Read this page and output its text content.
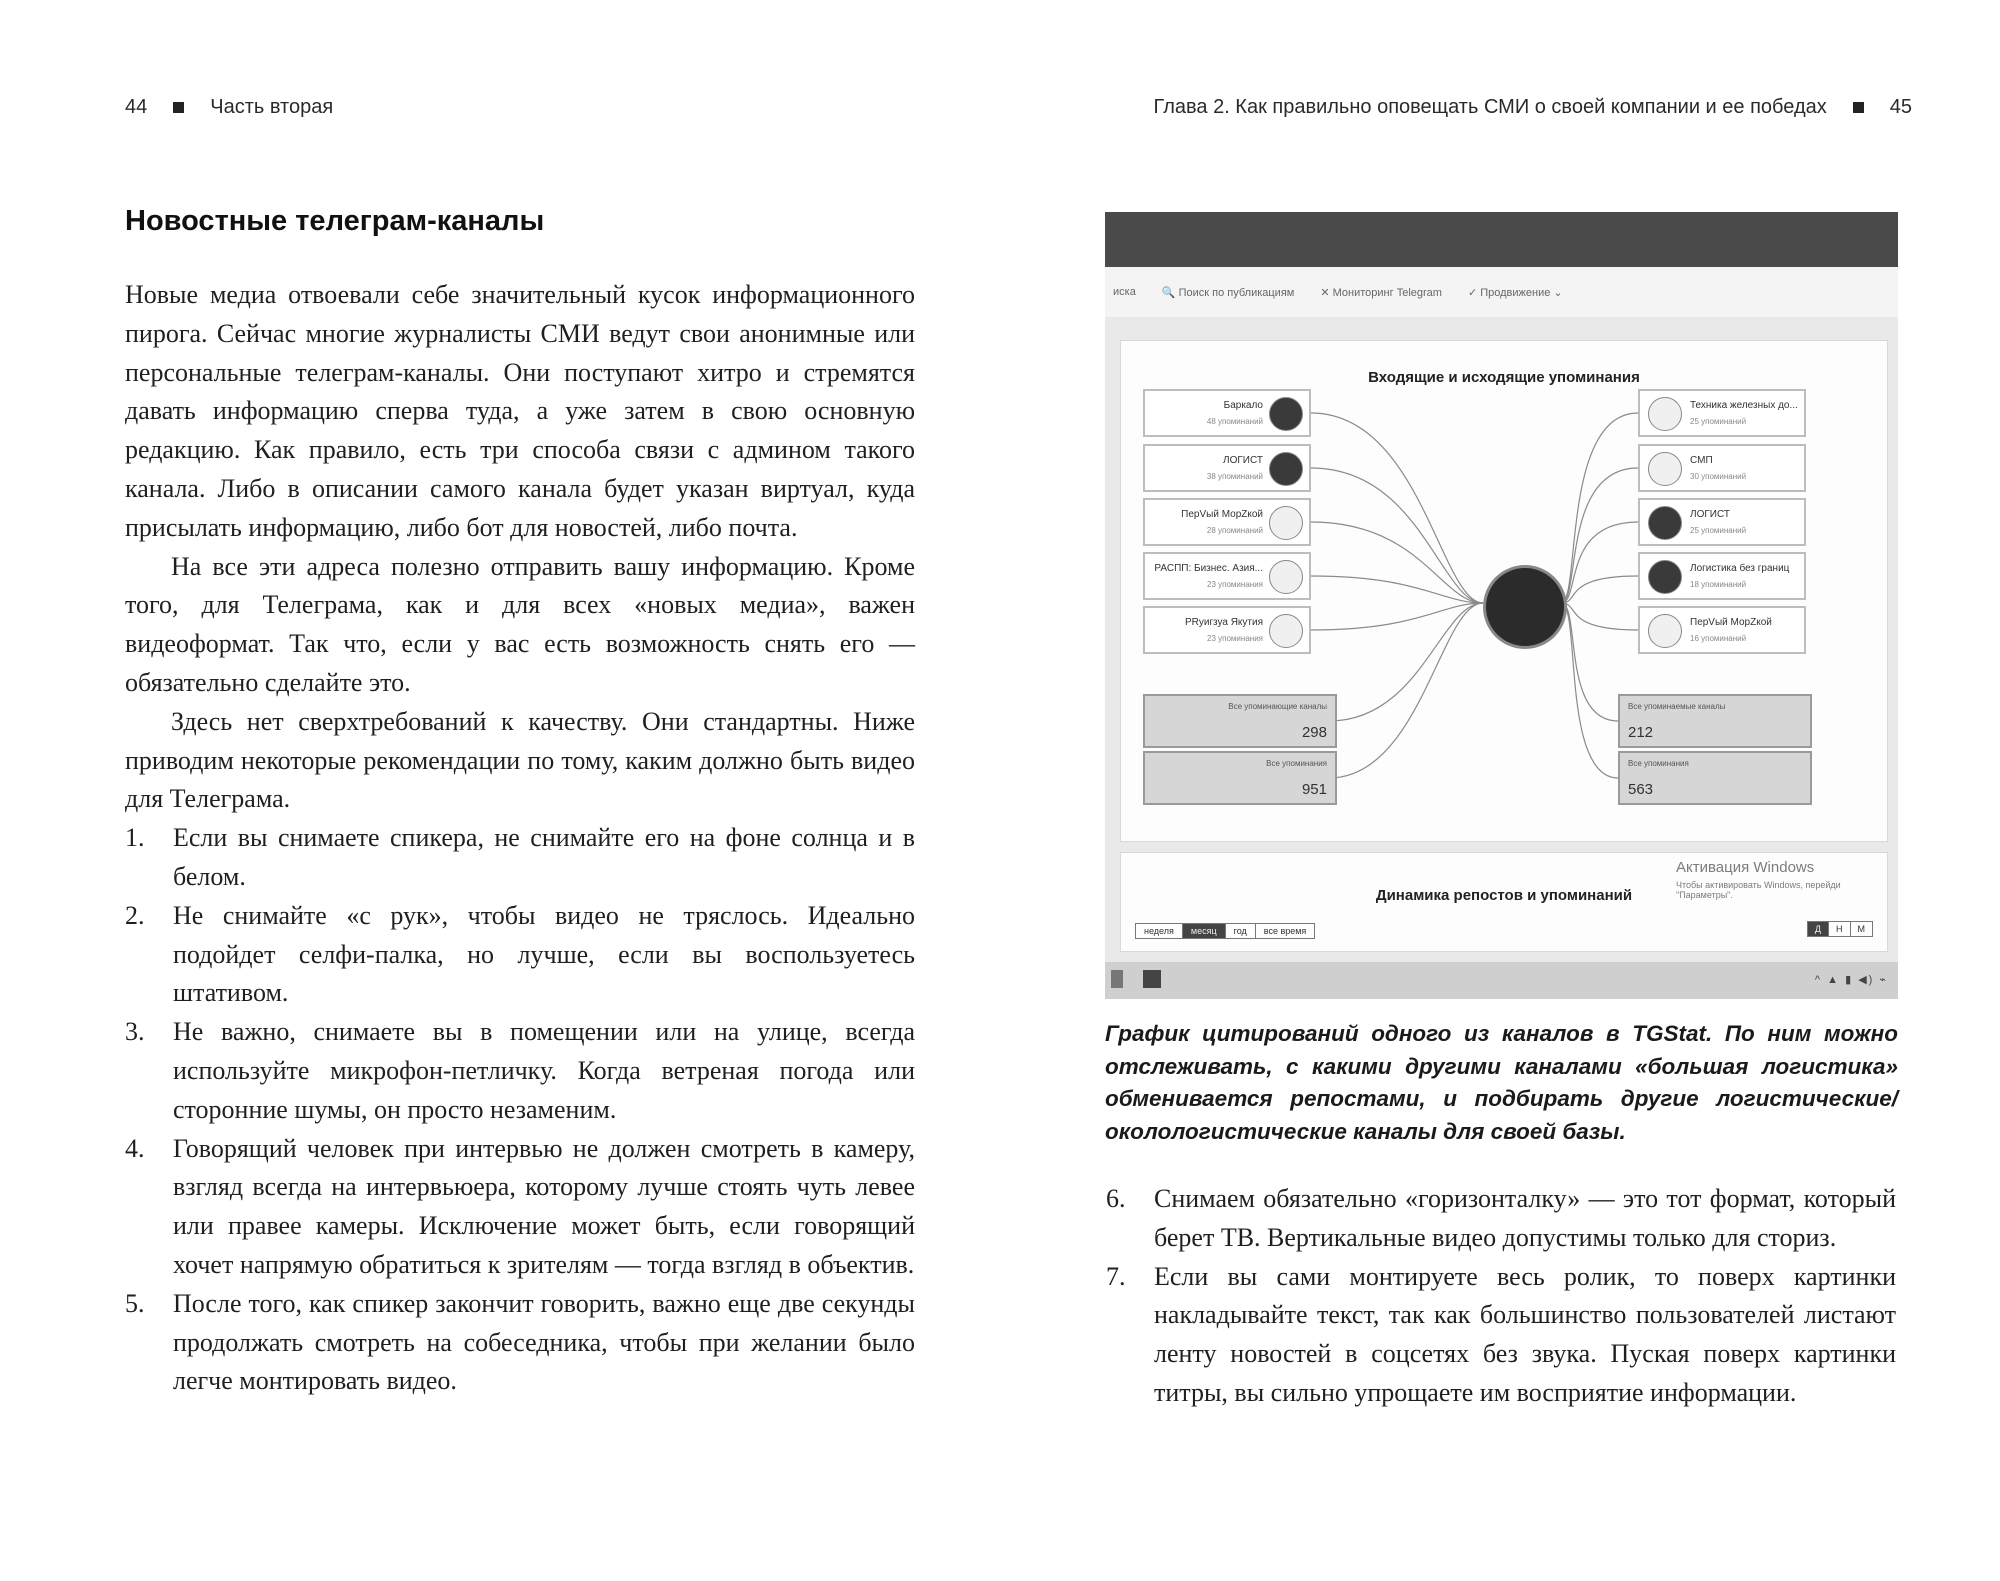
44	Часть вторая	Глава 2. Как правильно оповещать СМИ о своей компании и ее победах	45
Новостные телеграм-каналы

Новые медиа отвоевали себе значительный кусок информационного пирога. Сейчас многие журналисты СМИ ведут свои анонимные или персональные телеграм-каналы. Они поступают хитро и стремятся давать информацию сперва туда, а уже затем в свою основную редакцию. Как правило, есть три способа связи с админом такого канала. Либо в описании самого канала будет указан виртуал, куда присылать информацию, либо бот для новостей, либо почта.

На все эти адреса полезно отправить вашу информацию. Кроме того, для Телеграма, как и для всех «новых медиа», важен видеоформат. Так что, если у вас есть возможность снять его — обязательно сделайте это.

Здесь нет сверхтребований к качеству. Они стандартны. Ниже приводим некоторые рекомендации по тому, каким должно быть видео для Телеграма.

1. Если вы снимаете спикера, не снимайте его на фоне солнца и в белом.
2. Не снимайте «с рук», чтобы видео не тряслось. Идеально подойдет селфи-палка, но лучше, если вы воспользуетесь штативом.
3. Не важно, снимаете вы в помещении или на улице, всегда используйте микрофон-петличку. Когда ветреная погода или сторонние шумы, он просто незаменим.
4. Говорящий человек при интервью не должен смотреть в камеру, взгляд всегда на интервьюера, которому лучше стоять чуть левее или правее камеры. Исключение может быть, если говорящий хочет напрямую обратиться к зрителям — тогда взгляд в объектив.
5. После того, как спикер закончит говорить, важно еще две секунды продолжать смотреть на собеседника, чтобы при желании было легче монтировать видео.
иска 🔍 Поиск по публикациям ✕ Мониторинг Telegram ✓ Продвижение ⌄
Входящие и исходящие упоминания
Баркало
48 упоминаний
ЛОГИСТ
38 упоминаний
ПерVый МорZкой
28 упоминаний
РАСПП: Бизнес. Азия...
23 упоминания
PRуигзуа Якутия
23 упоминания
Все упоминающие каналы
298
Все упоминания
951
Техника железных до...
25 упоминаний
СМП
30 упоминаний
ЛОГИСТ
25 упоминаний
Логистика без границ
18 упоминаний
ПерVый МорZкой
16 упоминаний
Все упоминаемые каналы
212
Все упоминания
563
Динамика репостов и упоминаний
Активация Windows
Чтобы активировать Windows, перейди
"Параметры".
неделя	месяц	год	все время	Д	Н	М
^ ▲ ▮ ◀) ⌁

График цитирований одного из каналов в TGStat. По ним можно отслеживать, с какими другими каналами «большая логистика» обменивается репостами, и подбирать другие логистические/околологистические каналы для своей базы.

6. Снимаем обязательно «горизонталку» — это тот формат, который берет ТВ. Вертикальные видео допустимы только для сториз.
7. Если вы сами монтируете весь ролик, то поверх картинки накладывайте текст, так как большинство пользователей листают ленту новостей в соцсетях без звука. Пуская поверх картинки титры, вы сильно упрощаете им восприятие информации.
